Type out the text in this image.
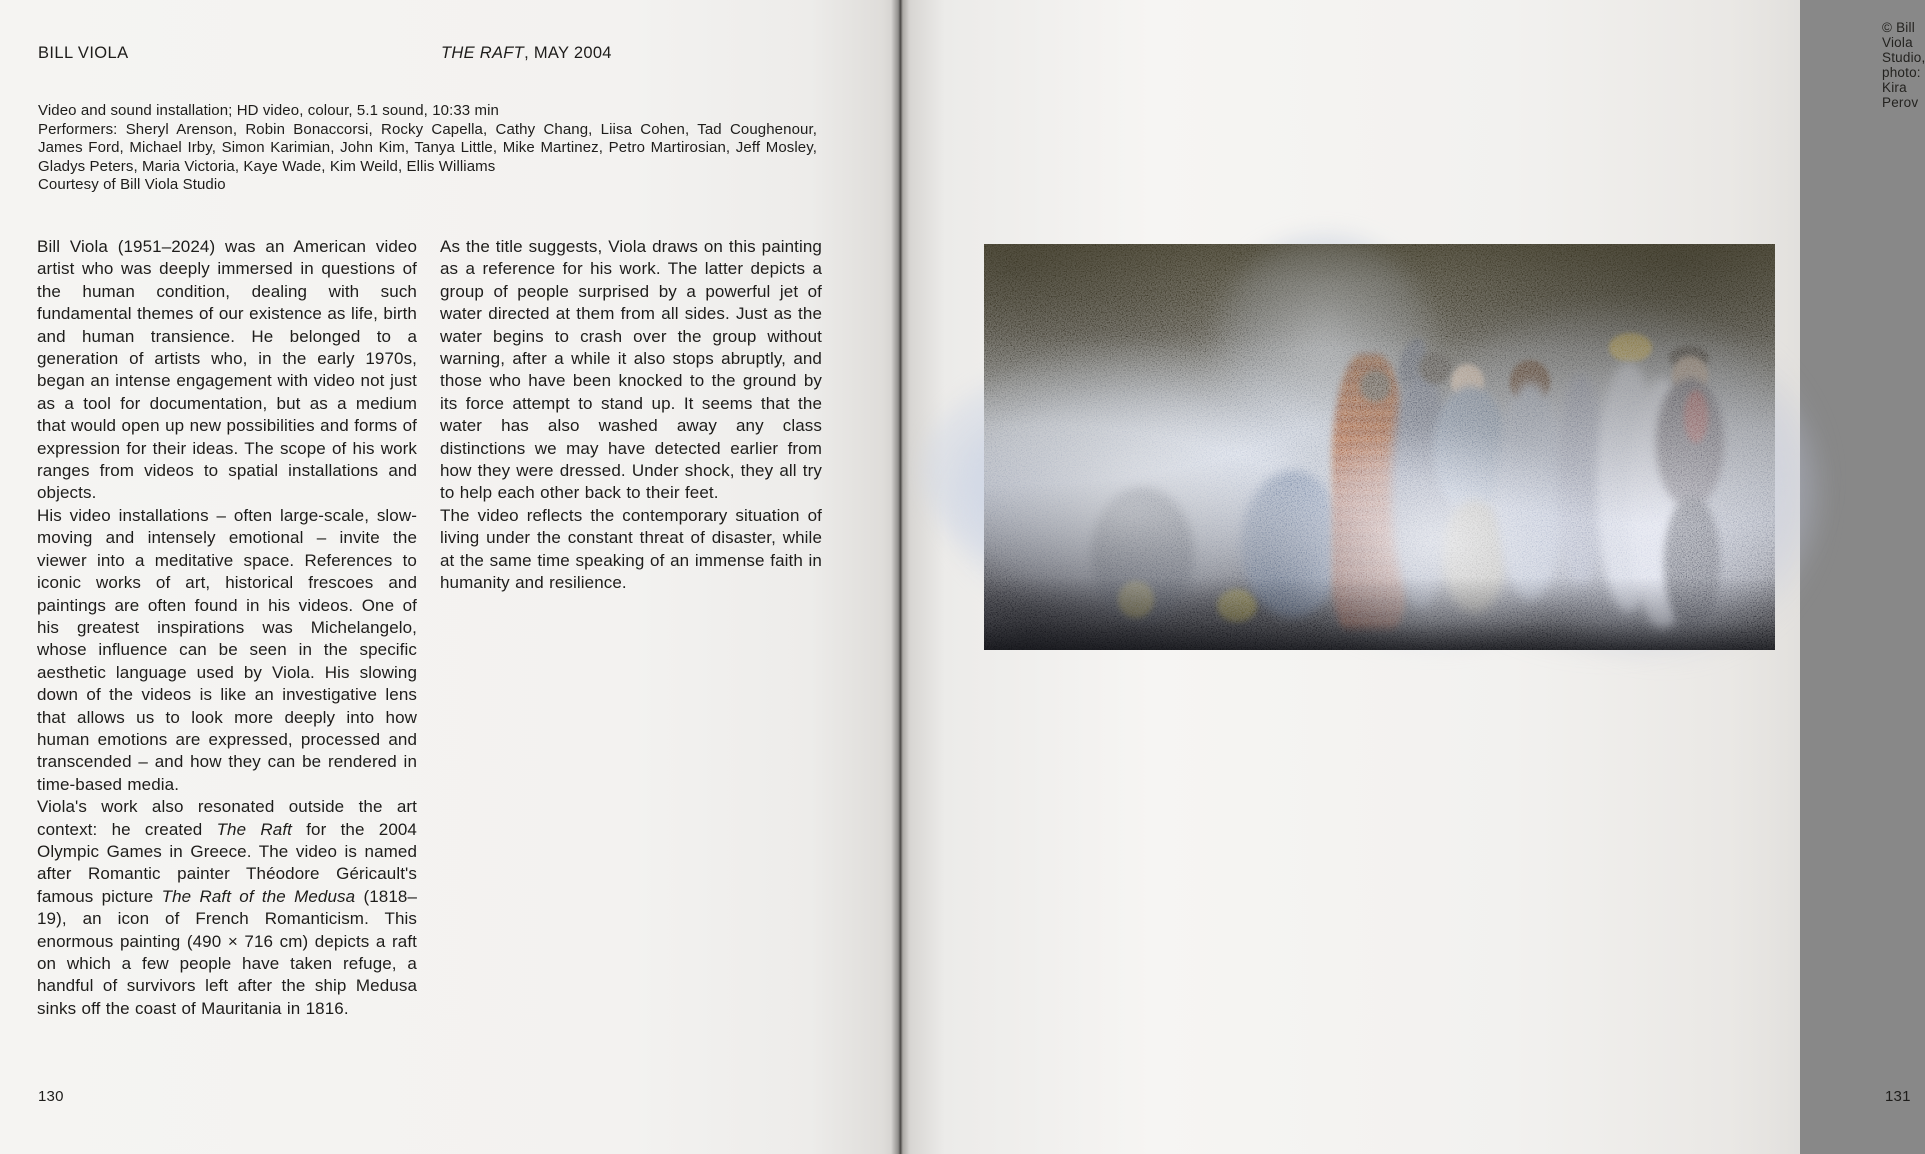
BILL VIOLA	THE RAFT, MAY 2004

Video and sound installation; HD video, colour, 5.1 sound, 10:33 min

Performers: Sheryl Arenson, Robin Bonaccorsi, Rocky Capella, Cathy Chang, Liisa Cohen, Tad Coughenour, James Ford, Michael Irby, Simon Karimian, John Kim, Tanya Little, Mike Martinez, Petro Martirosian, Jeff Mosley, Gladys Peters, Maria Victoria, Kaye Wade, Kim Weild, Ellis Williams

Courtesy of Bill Viola Studio

Bill Viola (1951–2024) was an American video artist who was deeply immersed in questions of the human condition, dealing with such fundamental themes of our existence as life, birth and human transience. He belonged to a generation of artists who, in the early 1970s, began an intense engagement with video not just as a tool for documentation, but as a medium that would open up new possibilities and forms of expression for their ideas. The scope of his work ranges from videos to spatial installations and objects.

His video installations – often large-scale, slow-moving and intensely emotional – invite the viewer into a meditative space. References to iconic works of art, historical frescoes and paintings are often found in his videos. One of his greatest inspirations was Michelangelo, whose influence can be seen in the specific aesthetic language used by Viola. His slowing down of the videos is like an investigative lens that allows us to look more deeply into how human emotions are expressed, processed and transcended – and how they can be rendered in time-based media.

Viola's work also resonated outside the art context: he created The Raft for the 2004 Olympic Games in Greece. The video is named after Romantic painter Théodore Géricault's famous picture The Raft of the Medusa (1818–19), an icon of French Romanticism. This enormous painting (490 × 716 cm) depicts a raft on which a few people have taken refuge, a handful of survivors left after the ship Medusa sinks off the coast of Mauritania in 1816.

As the title suggests, Viola draws on this painting as a reference for his work. The latter depicts a group of people surprised by a powerful jet of water directed at them from all sides. Just as the water begins to crash over the group without warning, after a while it also stops abruptly, and those who have been knocked to the ground by its force attempt to stand up. It seems that the water has also washed away any class distinctions we may have detected earlier from how they were dressed. Under shock, they all try to help each other back to their feet.

The video reflects the contemporary situation of living under the constant threat of disaster, while at the same time speaking of an immense faith in humanity and resilience.

130
© Bill Viola Studio, photo: Kira Perov
131
